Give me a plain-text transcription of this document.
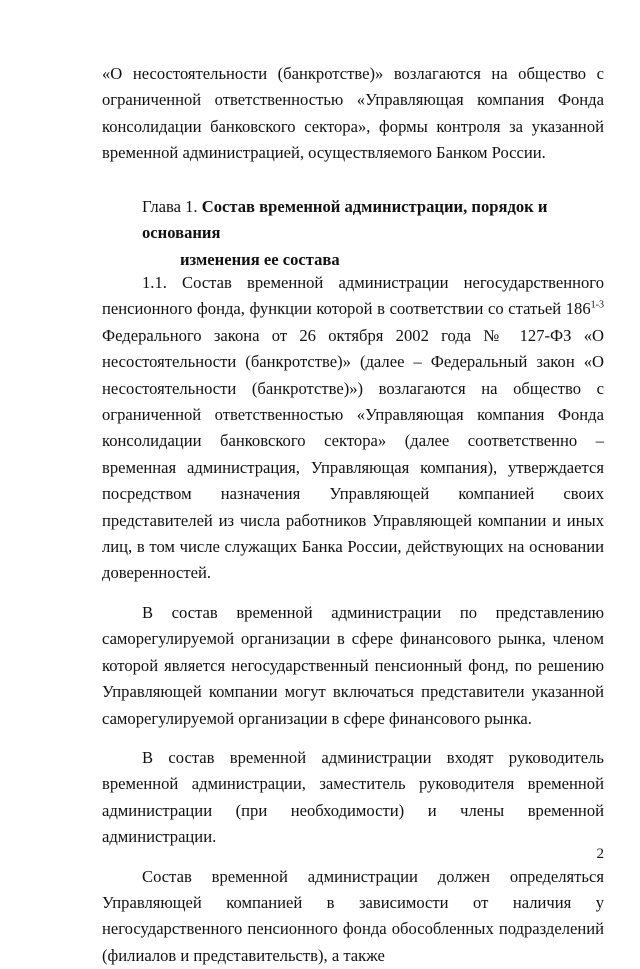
«О несостоятельности (банкротстве)» возлагаются на общество с ограниченной ответственностью «Управляющая компания Фонда консолидации банковского сектора», формы контроля за указанной временной администрацией, осуществляемого Банком России.

Глава 1. Состав временной администрации, порядок и основания
изменения ее состава

1.1. Состав временной администрации негосударственного пенсионного фонда, функции которой в соответствии со статьей 186$^{1-3}$ Федерального закона от 26 октября 2002 года № 127-ФЗ «О несостоятельности (банкротстве)» (далее – Федеральный закон «О несостоятельности (банкротстве)») возлагаются на общество с ограниченной ответственностью «Управляющая компания Фонда консолидации банковского сектора» (далее соответственно – временная администрация, Управляющая компания), утверждается посредством назначения Управляющей компанией своих представителей из числа работников Управляющей компании и иных лиц, в том числе служащих Банка России, действующих на основании доверенностей.

В состав временной администрации по представлению саморегулируемой организации в сфере финансового рынка, членом которой является негосударственный пенсионный фонд, по решению Управляющей компании могут включаться представители указанной саморегулируемой организации в сфере финансового рынка.

В состав временной администрации входят руководитель временной администрации, заместитель руководителя временной администрации (при необходимости) и члены временной администрации.

Состав временной администрации должен определяться Управляющей компанией в зависимости от наличия у негосударственного пенсионного фонда обособленных подразделений (филиалов и представительств), а также

2
